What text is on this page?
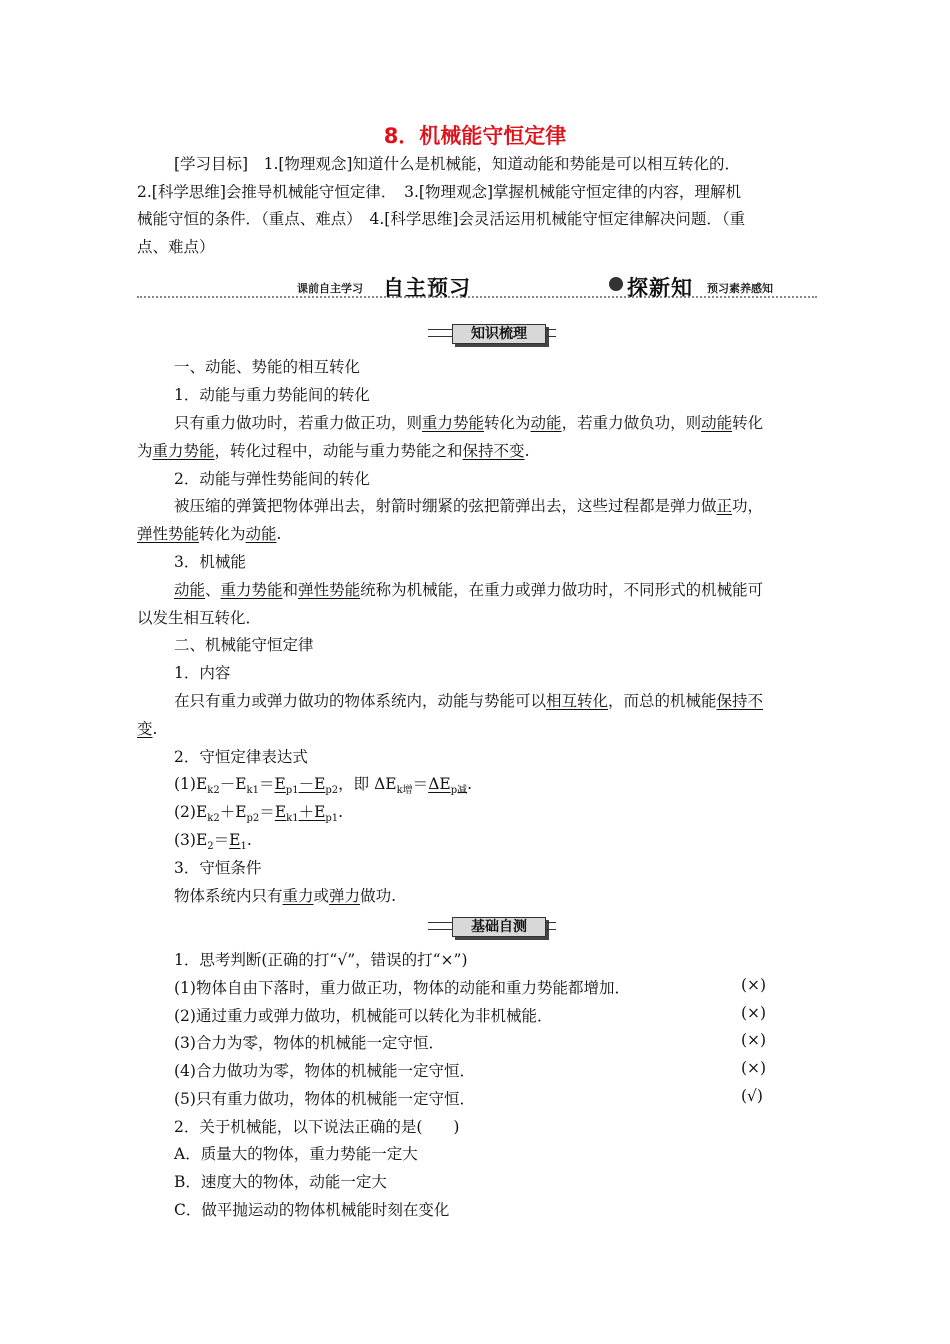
8．机械能守恒定律
[学习目标]　1.[物理观念]知道什么是机械能，知道动能和势能是可以相互转化的．
2.[科学思维]会推导机械能守恒定律．　3.[物理观念]掌握机械能守恒定律的内容，理解机
械能守恒的条件．（重点、难点）　4.[科学思维]会灵活运用机械能守恒定律解决问题．（重
点、难点）
课前自主学习 自主预习	探新知 预习素养感知
知识梳理
一、动能、势能的相互转化
1．动能与重力势能间的转化
只有重力做功时，若重力做正功，则重力势能转化为动能，若重力做负功，则动能转化
为重力势能，转化过程中，动能与重力势能之和保持不变.
2．动能与弹性势能间的转化
被压缩的弹簧把物体弹出去，射箭时绷紧的弦把箭弹出去，这些过程都是弹力做正功，
弹性势能转化为动能.
3．机械能
动能、重力势能和弹性势能统称为机械能，在重力或弹力做功时，不同形式的机械能可
以发生相互转化．
二、机械能守恒定律
1．内容
在只有重力或弹力做功的物体系统内，动能与势能可以相互转化，而总的机械能保持不
变.
2．守恒定律表达式
$(1)E_{k2}-E_{k1}=E_{p1}-E_{p2}$，即 $\Delta E_{k增}=\Delta E_{p减}$.
$(2)E_{k2}+E_{p2}=E_{k1}+E_{p1}$.
$(3)E_2=E_1$.
3．守恒条件
物体系统内只有重力或弹力做功.
基础自测
1．思考判断(正确的打“√”，错误的打“×”)
(1)物体自由下落时，重力做正功，物体的动能和重力势能都增加．	(×)
(2)通过重力或弹力做功，机械能可以转化为非机械能．	(×)
(3)合力为零，物体的机械能一定守恒．	(×)
(4)合力做功为零，物体的机械能一定守恒．	(×)
(5)只有重力做功，物体的机械能一定守恒．	(√)
2．关于机械能，以下说法正确的是(　　)
A．质量大的物体，重力势能一定大
B．速度大的物体，动能一定大
C．做平抛运动的物体机械能时刻在变化
